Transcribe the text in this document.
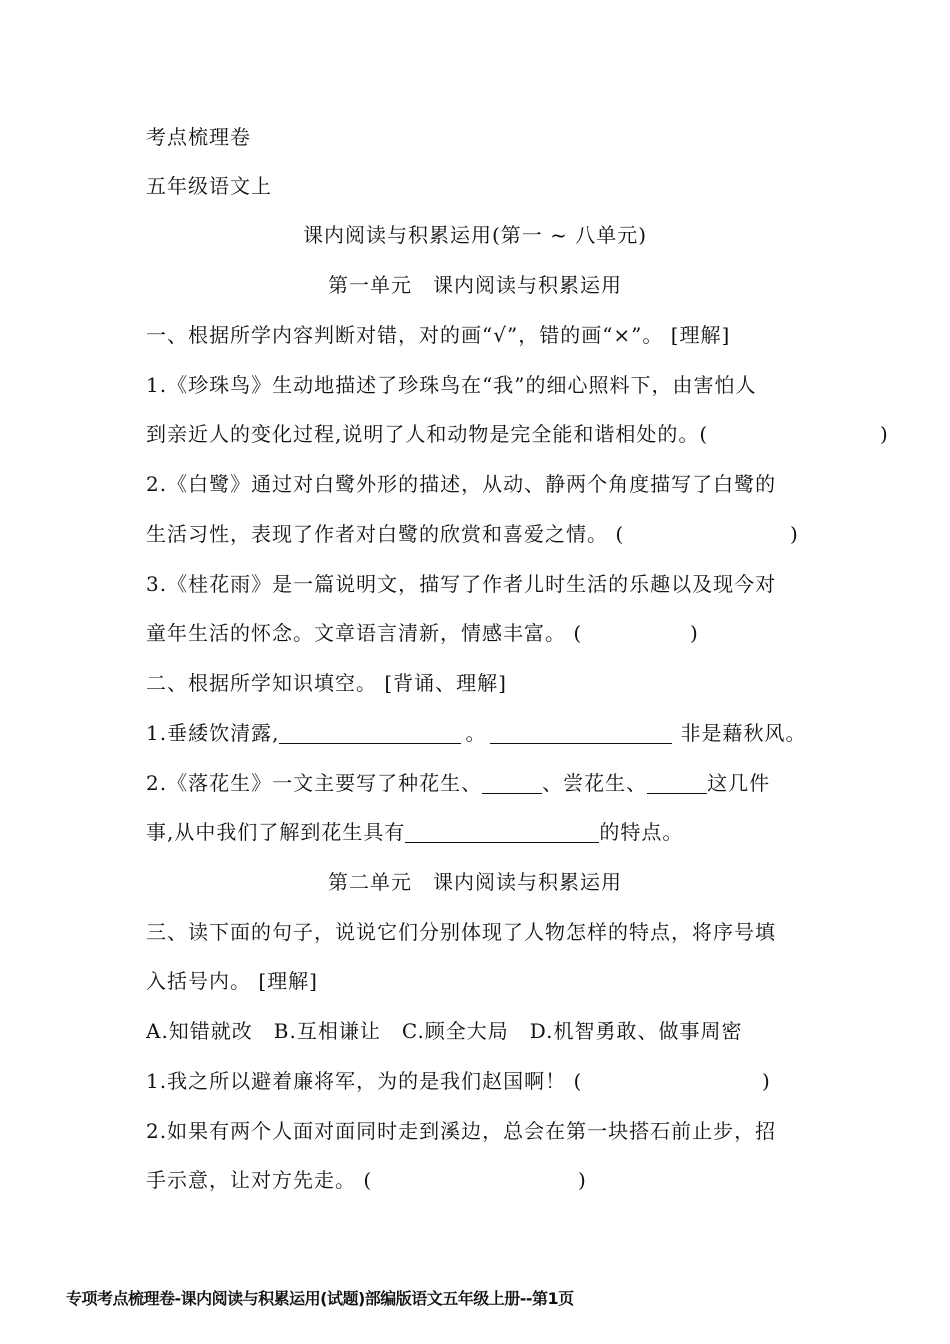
考点梳理卷
五年级语文上
课内阅读与积累运用(第一 ~ 八单元)
第一单元　课内阅读与积累运用
一、根据所学内容判断对错，对的画“√”，错的画“×”。 [理解]
1.《珍珠鸟》生动地描述了珍珠鸟在“我”的细心照料下，由害怕人
到亲近人的变化过程,说明了人和动物是完全能和谐相处的。(	)
2.《白鹭》通过对白鹭外形的描述，从动、静两个角度描写了白鹭的
生活习性，表现了作者对白鹭的欣赏和喜爱之情。 (	)
3.《桂花雨》是一篇说明文，描写了作者儿时生活的乐趣以及现今对
童年生活的怀念。文章语言清新，情感丰富。 (	)
二、根据所学知识填空。 [背诵、理解]
1.垂緌饮清露,	。	非是藉秋风。
2.《落花生》一文主要写了种花生、	、尝花生、	这几件
事,从中我们了解到花生具有	的特点。
第二单元　课内阅读与积累运用
三、读下面的句子，说说它们分别体现了人物怎样的特点，将序号填
入括号内。 [理解]
A.知错就改　B.互相谦让　C.顾全大局　D.机智勇敢、做事周密
1.我之所以避着廉将军，为的是我们赵国啊！ (	)
2.如果有两个人面对面同时走到溪边，总会在第一块搭石前止步，招
手示意，让对方先走。 (	)
专项考点梳理卷-课内阅读与积累运用(试题)部编版语文五年级上册--第1页
